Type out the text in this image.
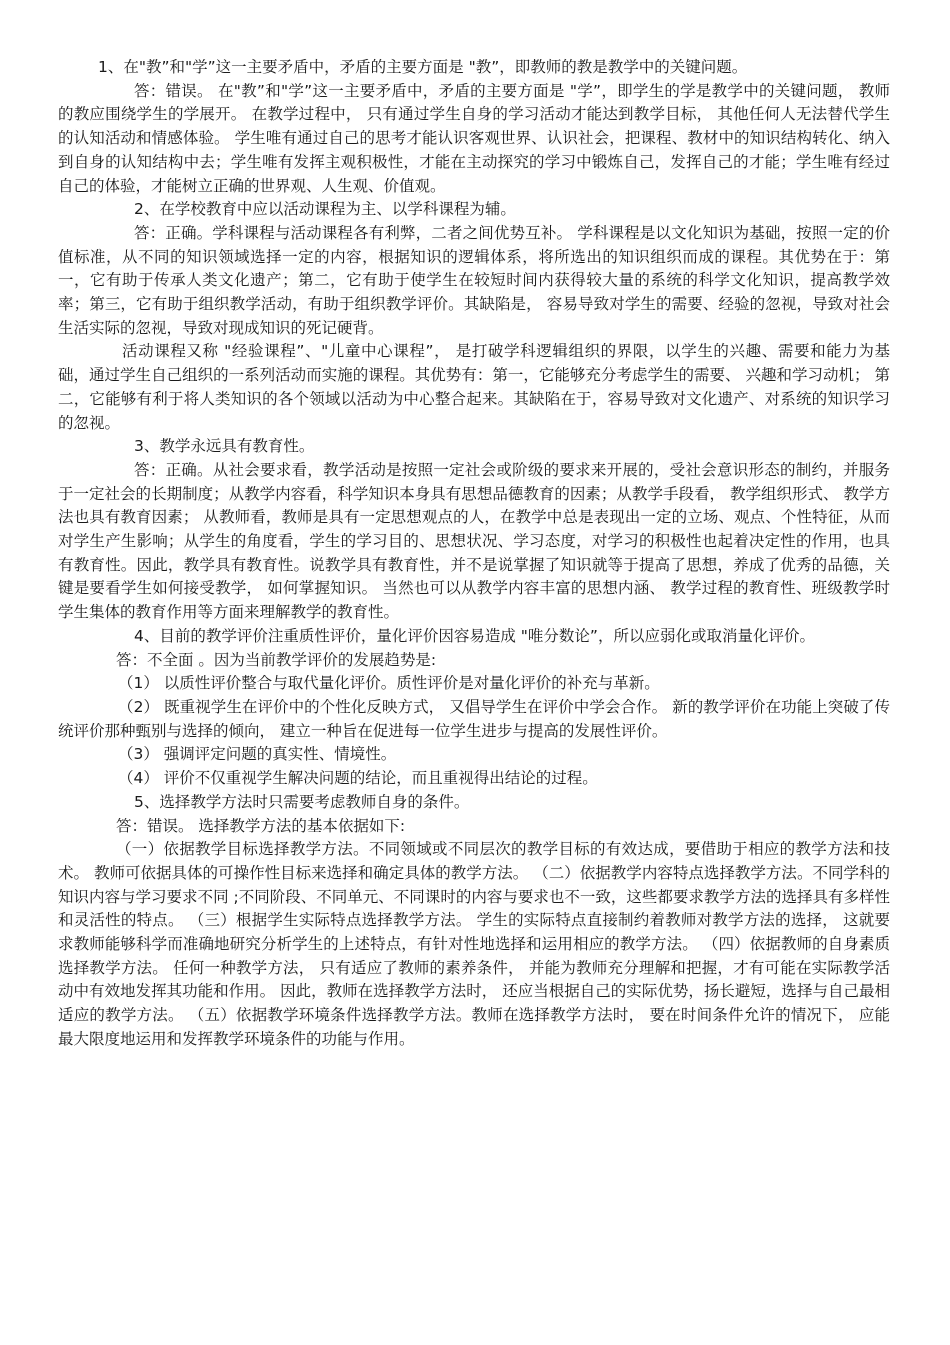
1、在"教”和"学”这一主要矛盾中，矛盾的主要方面是 "教”，即教师的教是教学中的关键问题。

答：错误。 在"教”和"学”这一主要矛盾中，矛盾的主要方面是 "学”，即学生的学是教学中的关键问题， 教师的教应围绕学生的学展开。 在教学过程中， 只有通过学生自身的学习活动才能达到教学目标， 其他任何人无法替代学生的认知活动和情感体验。 学生唯有通过自己的思考才能认识客观世界、认识社会，把课程、教材中的知识结构转化、纳入到自身的认知结构中去；学生唯有发挥主观积极性，才能在主动探究的学习中锻炼自己，发挥自己的才能；学生唯有经过自己的体验，才能树立正确的世界观、人生观、价值观。

2、在学校教育中应以活动课程为主、以学科课程为辅。

答：正确。学科课程与活动课程各有利弊，二者之间优势互补。 学科课程是以文化知识为基础，按照一定的价值标准，从不同的知识领域选择一定的内容，根据知识的逻辑体系，将所选出的知识组织而成的课程。其优势在于：第一，它有助于传承人类文化遗产；第二，它有助于使学生在较短时间内获得较大量的系统的科学文化知识，提高教学效率；第三，它有助于组织教学活动，有助于组织教学评价。其缺陷是， 容易导致对学生的需要、经验的忽视，导致对社会生活实际的忽视，导致对现成知识的死记硬背。

活动课程又称 "经验课程”、"儿童中心课程”， 是打破学科逻辑组织的界限，以学生的兴趣、需要和能力为基础，通过学生自己组织的一系列活动而实施的课程。其优势有：第一，它能够充分考虑学生的需要、 兴趣和学习动机； 第二，它能够有利于将人类知识的各个领域以活动为中心整合起来。其缺陷在于，容易导致对文化遗产、对系统的知识学习的忽视。

3、教学永远具有教育性。

答：正确。从社会要求看，教学活动是按照一定社会或阶级的要求来开展的，受社会意识形态的制约，并服务于一定社会的长期制度；从教学内容看，科学知识本身具有思想品德教育的因素；从教学手段看， 教学组织形式、 教学方法也具有教育因素； 从教师看，教师是具有一定思想观点的人，在教学中总是表现出一定的立场、观点、个性特征，从而对学生产生影响；从学生的角度看，学生的学习目的、思想状况、学习态度，对学习的积极性也起着决定性的作用，也具有教育性。因此，教学具有教育性。说教学具有教育性，并不是说掌握了知识就等于提高了思想，养成了优秀的品德，关键是要看学生如何接受教学， 如何掌握知识。 当然也可以从教学内容丰富的思想内涵、 教学过程的教育性、班级教学时学生集体的教育作用等方面来理解教学的教育性。

4、目前的教学评价注重质性评价，量化评价因容易造成 "唯分数论”，所以应弱化或取消量化评价。

答：不全面 。因为当前教学评价的发展趋势是:

（1） 以质性评价整合与取代量化评价。质性评价是对量化评价的补充与革新。

（2） 既重视学生在评价中的个性化反映方式， 又倡导学生在评价中学会合作。 新的教学评价在功能上突破了传统评价那种甄别与选择的倾向， 建立一种旨在促进每一位学生进步与提高的发展性评价。

（3） 强调评定问题的真实性、情境性。

（4） 评价不仅重视学生解决问题的结论，而且重视得出结论的过程。

5、选择教学方法时只需要考虑教师自身的条件。

答：错误。 选择教学方法的基本依据如下:

（一）依据教学目标选择教学方法。不同领域或不同层次的教学目标的有效达成，要借助于相应的教学方法和技术。 教师可依据具体的可操作性目标来选择和确定具体的教学方法。 （二）依据教学内容特点选择教学方法。不同学科的知识内容与学习要求不同 ;不同阶段、不同单元、不同课时的内容与要求也不一致，这些都要求教学方法的选择具有多样性和灵活性的特点。 （三）根据学生实际特点选择教学方法。 学生的实际特点直接制约着教师对教学方法的选择， 这就要求教师能够科学而准确地研究分析学生的上述特点，有针对性地选择和运用相应的教学方法。 （四）依据教师的自身素质选择教学方法。 任何一种教学方法， 只有适应了教师的素养条件， 并能为教师充分理解和把握，才有可能在实际教学活动中有效地发挥其功能和作用。 因此，教师在选择教学方法时， 还应当根据自己的实际优势，扬长避短，选择与自己最相适应的教学方法。 （五）依据教学环境条件选择教学方法。教师在选择教学方法时， 要在时间条件允许的情况下， 应能最大限度地运用和发挥教学环境条件的功能与作用。
